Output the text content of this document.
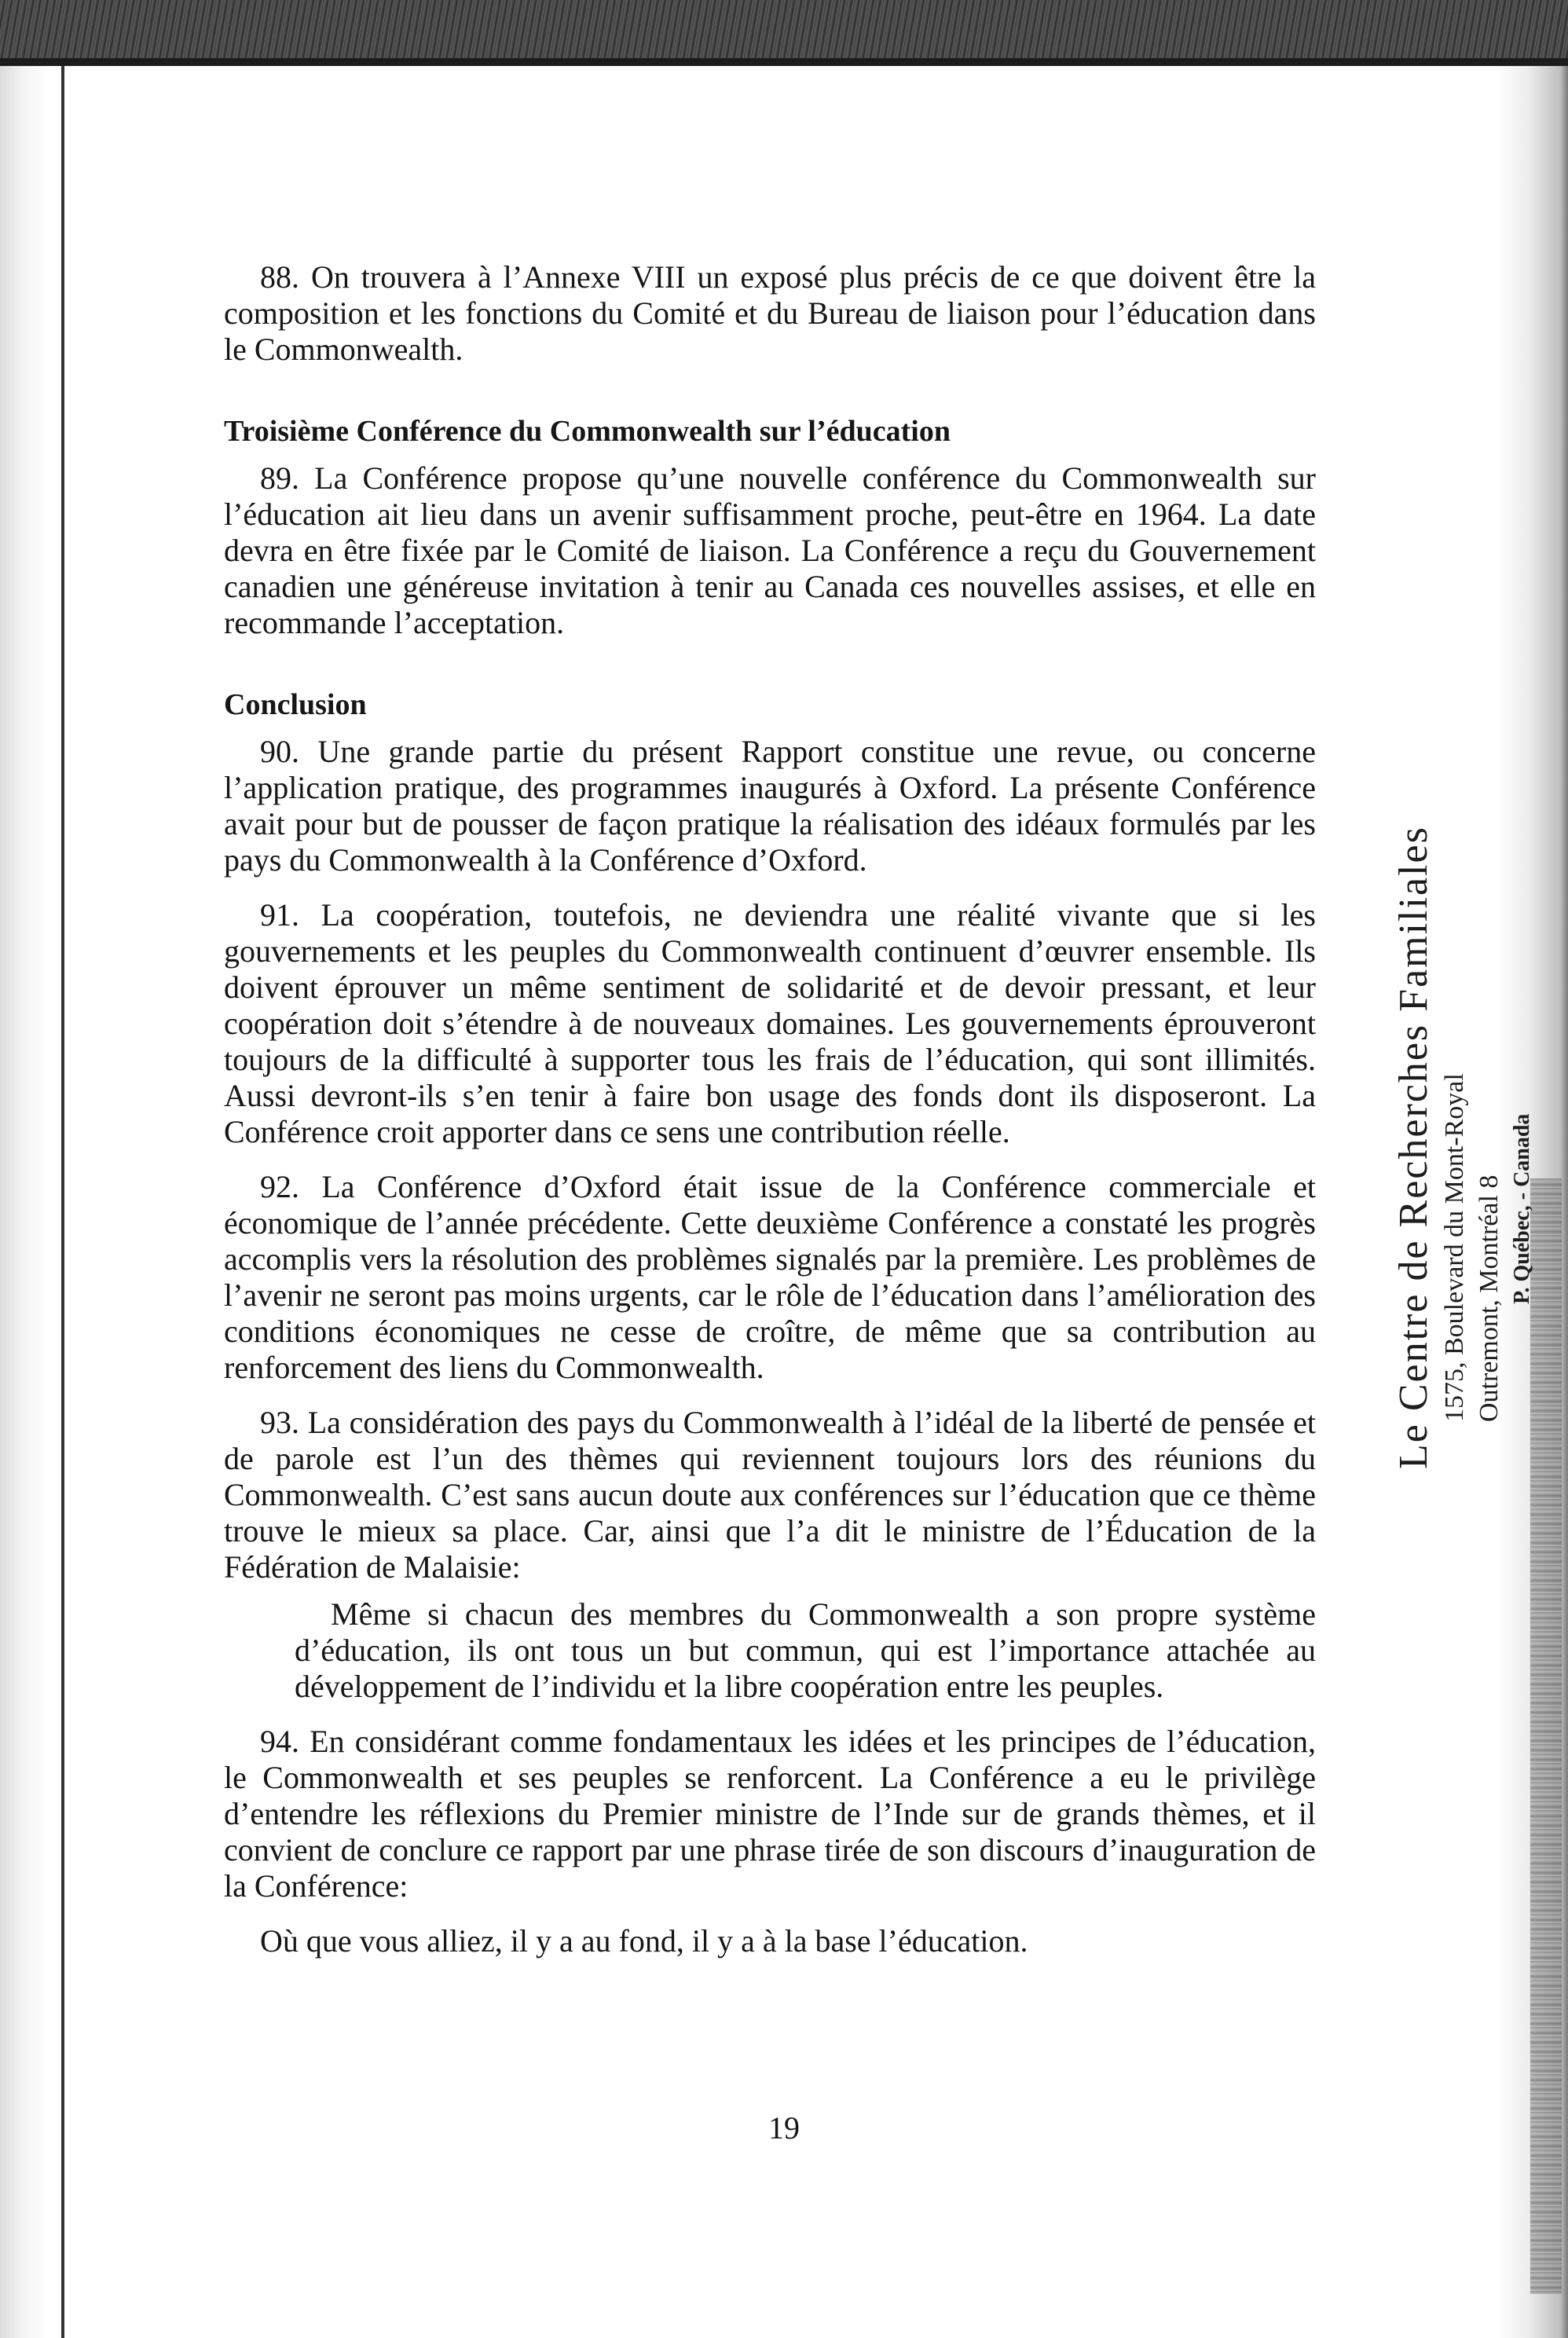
88. On trouvera à l’Annexe VIII un exposé plus précis de ce que doivent être la composition et les fonctions du Comité et du Bureau de liaison pour l’éducation dans le Commonwealth.

Troisième Conférence du Commonwealth sur l’éducation

89. La Conférence propose qu’une nouvelle conférence du Commonwealth sur l’éducation ait lieu dans un avenir suffisamment proche, peut-être en 1964. La date devra en être fixée par le Comité de liaison. La Conférence a reçu du Gouvernement canadien une généreuse invitation à tenir au Canada ces nouvelles assises, et elle en recommande l’acceptation.

Conclusion

90. Une grande partie du présent Rapport constitue une revue, ou concerne l’application pratique, des programmes inaugurés à Oxford. La présente Conférence avait pour but de pousser de façon pratique la réalisation des idéaux formulés par les pays du Commonwealth à la Conférence d’Oxford.

91. La coopération, toutefois, ne deviendra une réalité vivante que si les gouvernements et les peuples du Commonwealth continuent d’œuvrer ensemble. Ils doivent éprouver un même sentiment de solidarité et de devoir pressant, et leur coopération doit s’étendre à de nouveaux domaines. Les gouvernements éprouveront toujours de la difficulté à supporter tous les frais de l’éducation, qui sont illimités. Aussi devront-ils s’en tenir à faire bon usage des fonds dont ils disposeront. La Conférence croit apporter dans ce sens une contribution réelle.

92. La Conférence d’Oxford était issue de la Conférence commerciale et économique de l’année précédente. Cette deuxième Conférence a constaté les progrès accomplis vers la résolution des problèmes signalés par la première. Les problèmes de l’avenir ne seront pas moins urgents, car le rôle de l’éducation dans l’amélioration des conditions économiques ne cesse de croître, de même que sa contribution au renforcement des liens du Commonwealth.

93. La considération des pays du Commonwealth à l’idéal de la liberté de pensée et de parole est l’un des thèmes qui reviennent toujours lors des réunions du Commonwealth. C’est sans aucun doute aux conférences sur l’éducation que ce thème trouve le mieux sa place. Car, ainsi que l’a dit le ministre de l’Éducation de la Fédération de Malaisie:

Même si chacun des membres du Commonwealth a son propre système d’éducation, ils ont tous un but commun, qui est l’importance attachée au développement de l’individu et la libre coopération entre les peuples.

94. En considérant comme fondamentaux les idées et les principes de l’éducation, le Commonwealth et ses peuples se renforcent. La Conférence a eu le privilège d’entendre les réflexions du Premier ministre de l’Inde sur de grands thèmes, et il convient de conclure ce rapport par une phrase tirée de son discours d’inauguration de la Conférence:

Où que vous alliez, il y a au fond, il y a à la base l’éducation.

19
Le Centre de Recherches Familiales 1575, Boulevard du Mont-Royal Outremont, Montréal 8 P. Québec, - Canada
